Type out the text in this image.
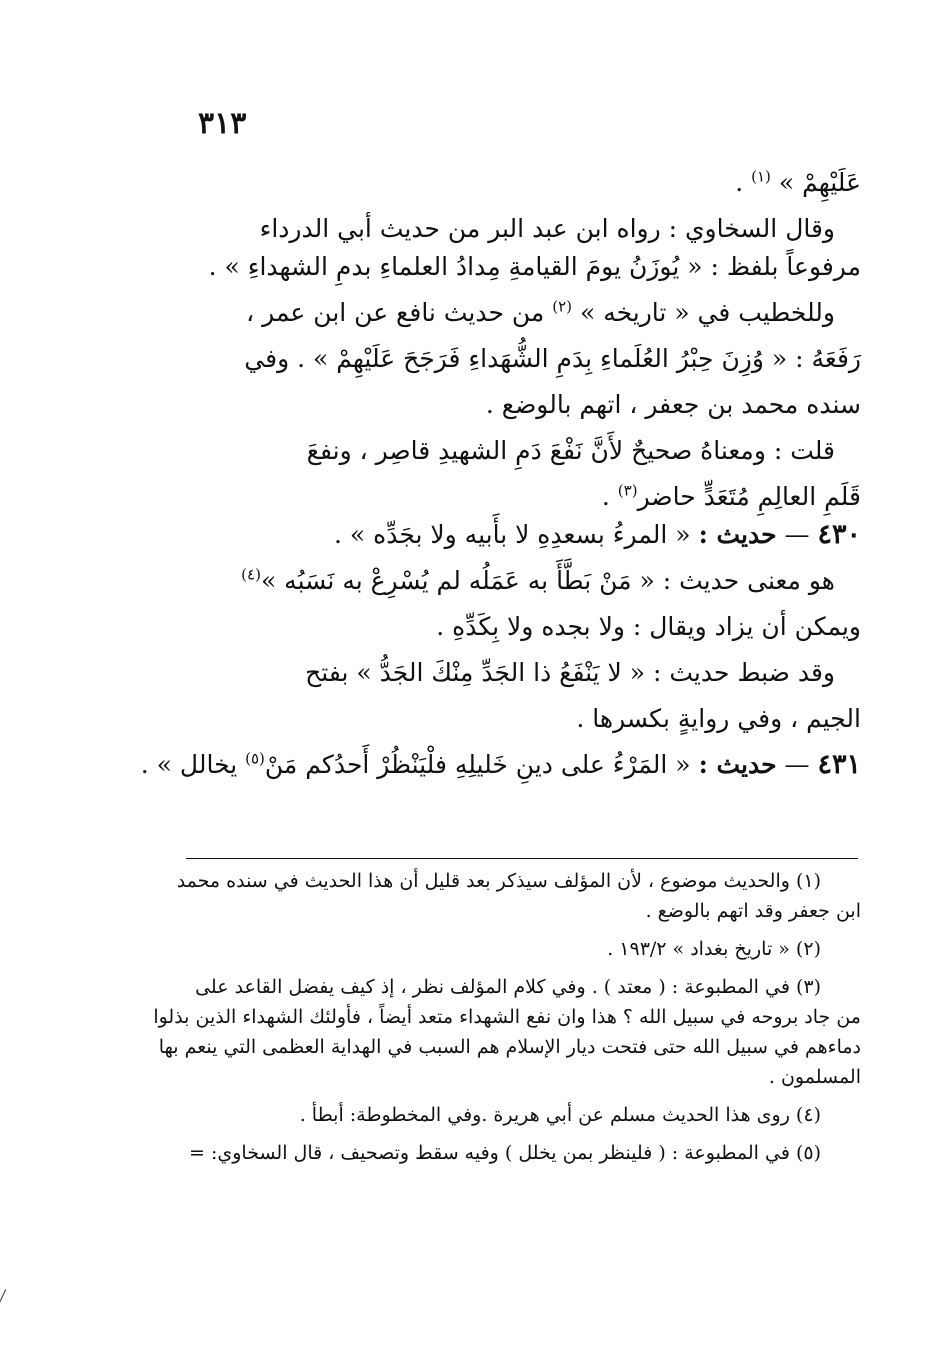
٣١٣

عَلَيْهِمْ » $^{(١)}$ .

وقال السخاوي : رواه ابن عبد البر من حديث أبي الدرداء

مرفوعاً بلفظ : « يُوزَنُ يومَ القيامةِ مِدادُ العلماءِ بدمِ الشهداءِ » .

وللخطيب في « تاريخه » $^{(٢)}$ من حديث نافع عن ابن عمر ،

رَفَعَهُ : « وُزِنَ حِبْرُ العُلَماءِ بِدَمِ الشُّهَداءِ فَرَجَحَ عَلَيْهِمْ » . وفي

سنده محمد بن جعفر ، اتهم بالوضع .

قلت : ومعناهُ صحيحٌ لأَنَّ نَفْعَ دَمِ الشهيدِ قاصِر ، ونفعَ

قَلَمِ العالِمِ مُتَعَدٍّ حاضر$^{(٣)}$ .

٤٣٠ — حديث : « المرءُ بسعدِهِ لا بأَبيه ولا بجَدِّه » .

هو معنى حديث : « مَنْ بَطَّأَ به عَمَلُه لم يُسْرِعْ به نَسَبُه »$^{(٤)}$

ويمكن أن يزاد ويقال : ولا بجده ولا بِكَدِّهِ .

وقد ضبط حديث : « لا يَنْفَعُ ذا الجَدِّ مِنْكَ الجَدُّ » بفتح

الجيم ، وفي روايةٍ بكسرها .

٤٣١ — حديث : « المَرْءُ على دينِ خَليلِهِ فلْيَنْظُرْ أَحدُكم مَنْ$^{(٥)}$ يخالل » .

(١) والحديث موضوع ، لأن المؤلف سيذكر بعد قليل أن هذا الحديث في سنده محمد
ابن جعفر وقد اتهم بالوضع .

(٢) « تاريخ بغداد » ١٩٣/٢ .

(٣) في المطبوعة : ( معتد ) . وفي كلام المؤلف نظر ، إذ كيف يفضل القاعد على
من جاد بروحه في سبيل الله ؟ هذا وان نفع الشهداء متعد أيضاً ، فأولئك الشهداء الذين بذلوا
دماءهم في سبيل الله حتى فتحت ديار الإسلام هم السبب في الهداية العظمى التي ينعم بها
المسلمون .

(٤) روى هذا الحديث مسلم عن أبي هريرة .وفي المخطوطة: أبطأ .

(٥) في المطبوعة : ( فلينظر بمن يخلل ) وفيه سقط وتصحيف ، قال السخاوي: =
